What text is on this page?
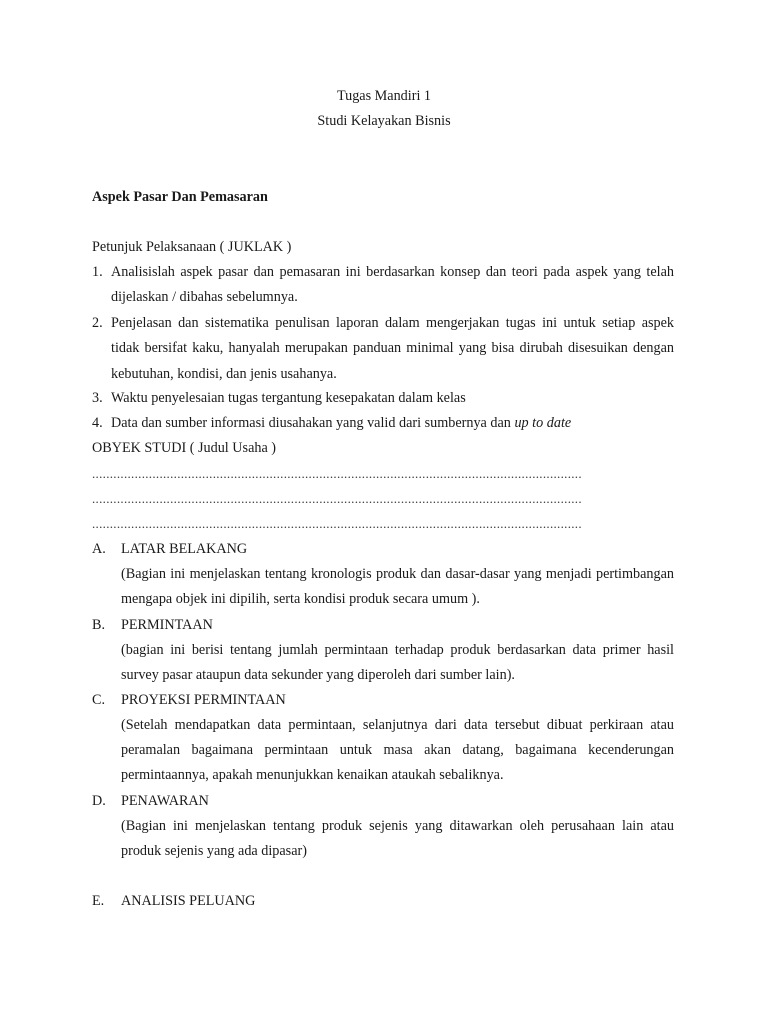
Tugas Mandiri 1
Studi Kelayakan Bisnis
Aspek Pasar Dan Pemasaran
Petunjuk Pelaksanaan ( JUKLAK )
1. Analisislah aspek pasar dan pemasaran ini berdasarkan konsep dan teori pada aspek yang telah dijelaskan / dibahas sebelumnya.
2. Penjelasan dan sistematika penulisan laporan dalam mengerjakan tugas ini untuk setiap aspek tidak bersifat kaku, hanyalah merupakan panduan minimal yang bisa dirubah disesuikan dengan kebutuhan, kondisi, dan jenis usahanya.
3. Waktu penyelesaian tugas tergantung kesepakatan dalam kelas
4. Data dan sumber informasi diusahakan yang valid dari sumbernya dan up to date
OBYEK STUDI ( Judul Usaha )
..........................................................................................................................................
..........................................................................................................................................
..........................................................................................................................................
A. LATAR BELAKANG
(Bagian ini menjelaskan tentang kronologis produk dan dasar-dasar yang menjadi pertimbangan mengapa objek ini dipilih, serta kondisi produk secara umum ).
B. PERMINTAAN
(bagian ini berisi tentang jumlah permintaan terhadap produk berdasarkan data primer hasil survey pasar ataupun data sekunder yang diperoleh dari sumber lain).
C. PROYEKSI PERMINTAAN
(Setelah mendapatkan data permintaan, selanjutnya dari data tersebut dibuat perkiraan atau peramalan bagaimana permintaan untuk masa akan datang, bagaimana kecenderungan permintaannya, apakah menunjukkan kenaikan ataukah sebaliknya.
D. PENAWARAN
(Bagian ini menjelaskan tentang produk sejenis yang ditawarkan oleh perusahaan lain atau produk sejenis yang ada dipasar)
E. ANALISIS PELUANG
